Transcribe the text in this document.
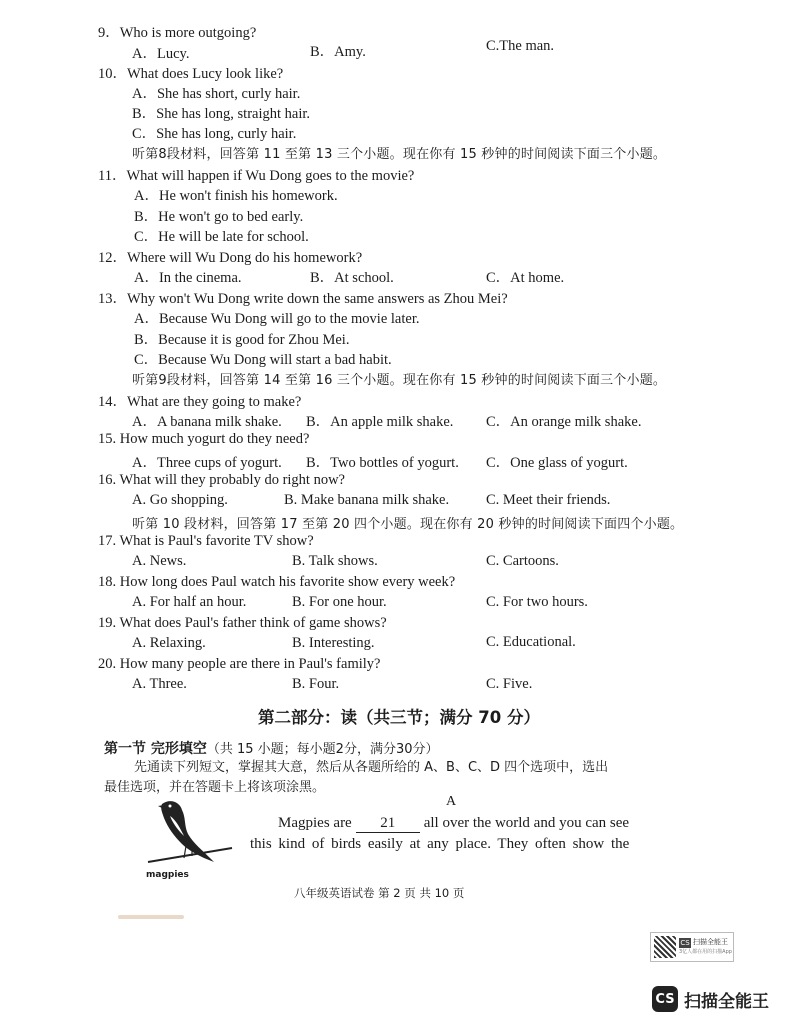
9．Who is more outgoing?
A．Lucy.	B．Amy.	C.The man.
10．What does Lucy look like?
A．She has short, curly hair.
B．She has long, straight hair.
C．She has long, curly hair.
听第8段材料，回答第 11 至第 13 三个小题。现在你有 15 秒钟的时间阅读下面三个小题。
11．What will happen if Wu Dong goes to the movie?
A．He won't finish his homework.
B．He won't go to bed early.
C．He will be late for school.
12．Where will Wu Dong do his homework?
A．In the cinema.	B．At school.	C．At home.
13．Why won't Wu Dong write down the same answers as Zhou Mei?
A．Because Wu Dong will go to the movie later.
B．Because it is good for Zhou Mei.
C．Because Wu Dong will start a bad habit.
听第9段材料，回答第 14 至第 16 三个小题。现在你有 15 秒钟的时间阅读下面三个小题。
14．What are they going to make?
A．A banana milk shake. B．An apple milk shake. C．An orange milk shake.
15. How much yogurt do they need?
A．Three cups of yogurt. B．Two bottles of yogurt. C．One glass of yogurt.
16. What will they probably do right now?
A. Go shopping.	B. Make banana milk shake.	C. Meet their friends.
听第 10 段材料，回答第 17 至第 20 四个小题。现在你有 20 秒钟的时间阅读下面四个小题。
17. What is Paul's favorite TV show?
A. News.	B. Talk shows.	C. Cartoons.
18. How long does Paul watch his favorite show every week?
A. For half an hour.	B. For one hour.	C. For two hours.
19. What does Paul's father think of game shows?
A. Relaxing.	B. Interesting.	C. Educational.
20. How many people are there in Paul's family?
A. Three.	B. Four.	C. Five.
第二部分：读（共三节；满分 70 分）
第一节 完形填空（共 15 小题；每小题2分，满分30分）
先通读下列短文，掌握其大意，然后从各题所给的 A、B、C、D 四个选项中，选出
最佳选项，并在答题卡上将该项涂黑。
A
magpies
Magpies are 21 all over the world and you can see
this kind of birds easily at any place. They often show the
八年级英语试卷 第 2 页 共 10 页
CS 扫描全能王
3亿人都在用的扫描App
CS 扫描全能王
